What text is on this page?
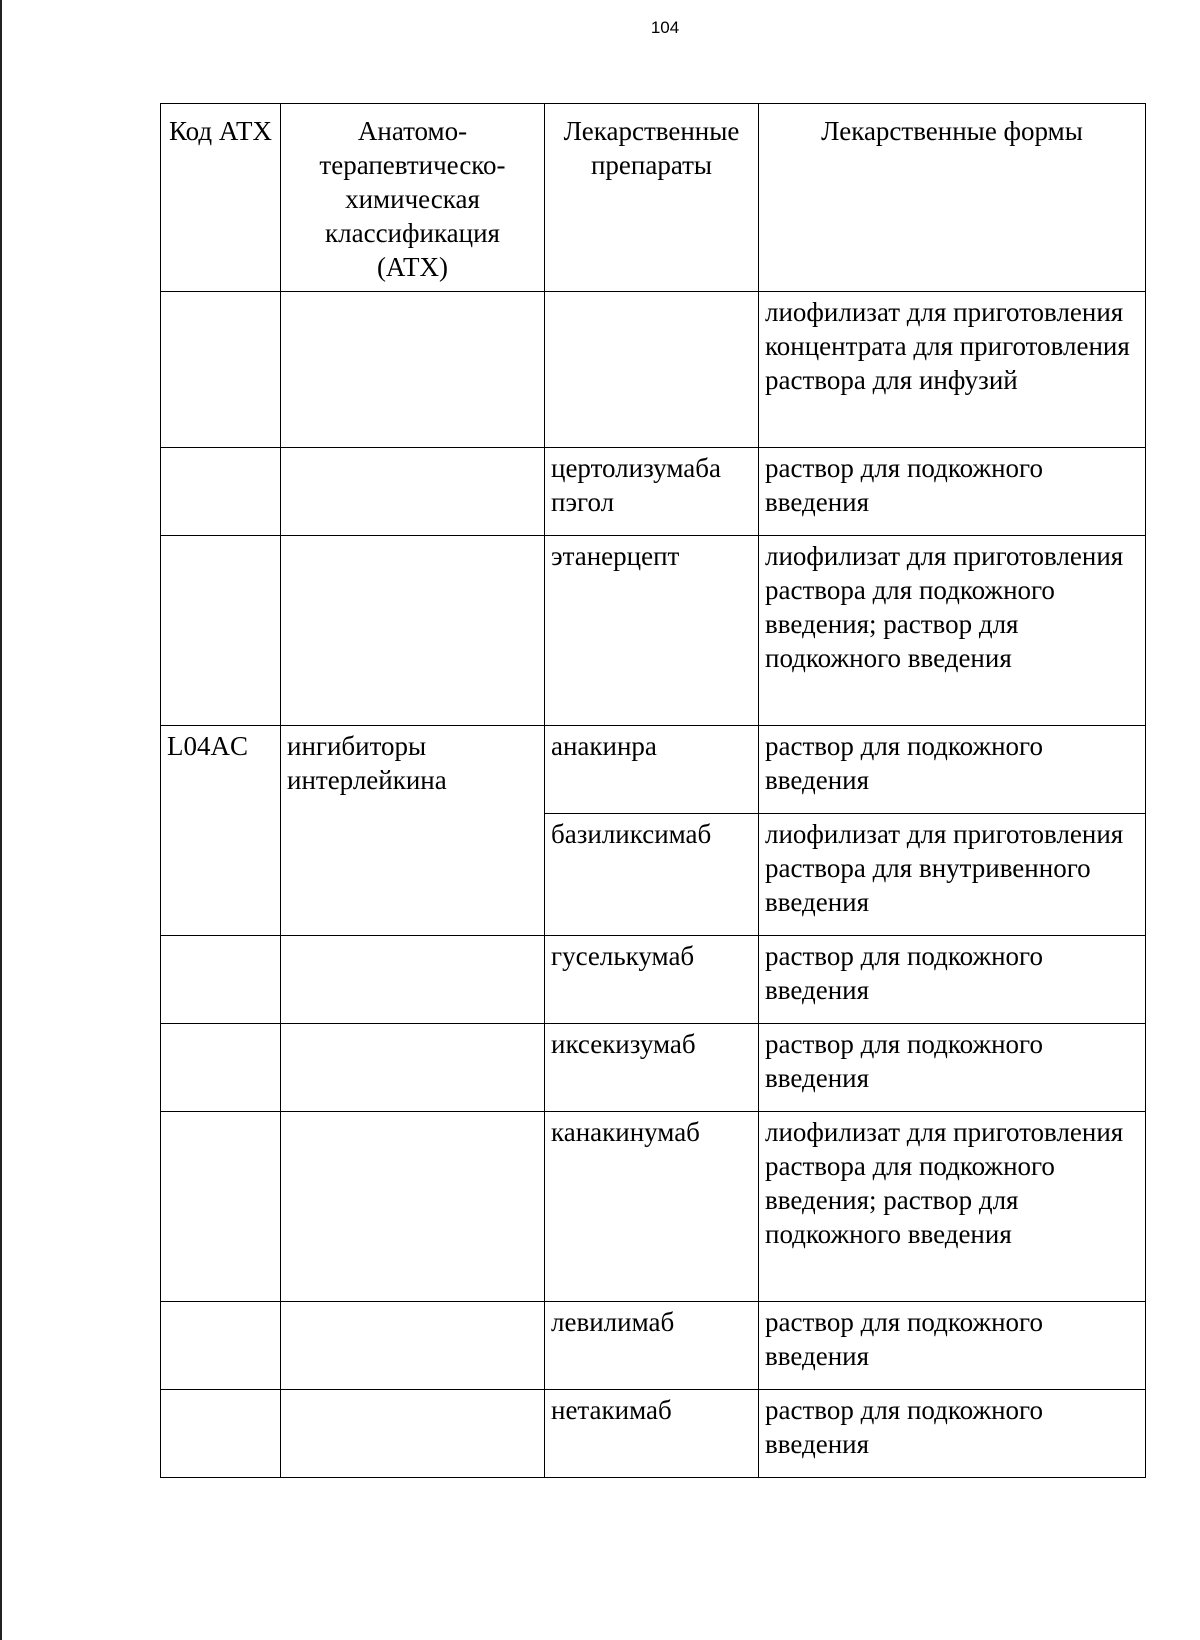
104
Код АТХ	Анатомо-терапевтическо-химическая классификация (АТХ)	Лекарственные препараты	Лекарственные формы
			лиофилизат для приготовления концентрата для приготовления раствора для инфузий
		цертолизумаба пэгол	раствор для подкожного введения
		этанерцепт	лиофилизат для приготовления раствора для подкожного введения; раствор для подкожного введения
L04AC	ингибиторы интерлейкина	анакинра	раствор для подкожного введения
		базиликсимаб	лиофилизат для приготовления раствора для внутривенного введения
		гуселькумаб	раствор для подкожного введения
		иксекизумаб	раствор для подкожного введения
		канакинумаб	лиофилизат для приготовления раствора для подкожного введения; раствор для подкожного введения
		левилимаб	раствор для подкожного введения
		нетакимаб	раствор для подкожного введения
